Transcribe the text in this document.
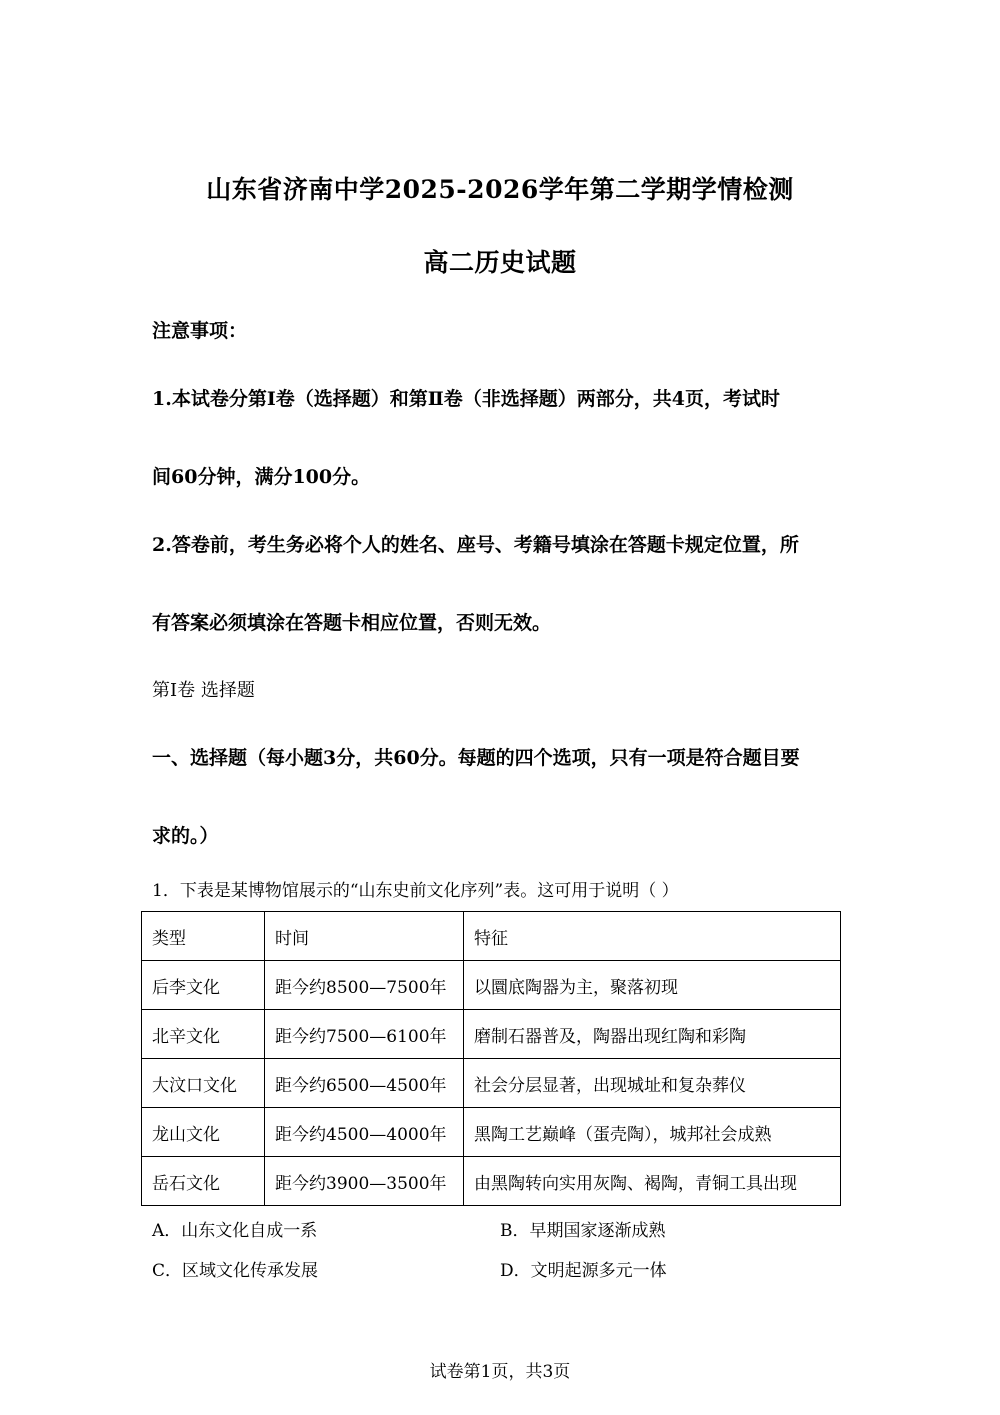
山东省济南中学2025-2026学年第二学期学情检测
高二历史试题
注意事项：
1.本试卷分第Ⅰ卷（选择题）和第Ⅱ卷（非选择题）两部分，共4页，考试时
间60分钟，满分100分。
2.答卷前，考生务必将个人的姓名、座号、考籍号填涂在答题卡规定位置，所
有答案必须填涂在答题卡相应位置，否则无效。
第Ⅰ卷 选择题
一、选择题（每小题3分，共60分。每题的四个选项，只有一项是符合题目要
求的。）
1．下表是某博物馆展示的“山东史前文化序列”表。这可用于说明（ ）
类型	时间	特征
后李文化	距今约8500—7500年	以圜底陶器为主，聚落初现
北辛文化	距今约7500—6100年	磨制石器普及，陶器出现红陶和彩陶
大汶口文化	距今约6500—4500年	社会分层显著，出现城址和复杂葬仪
龙山文化	距今约4500—4000年	黑陶工艺巅峰（蛋壳陶），城邦社会成熟
岳石文化	距今约3900—3500年	由黑陶转向实用灰陶、褐陶，青铜工具出现
A．山东文化自成一系	B．早期国家逐渐成熟
C．区域文化传承发展	D．文明起源多元一体
试卷第1页，共3页
